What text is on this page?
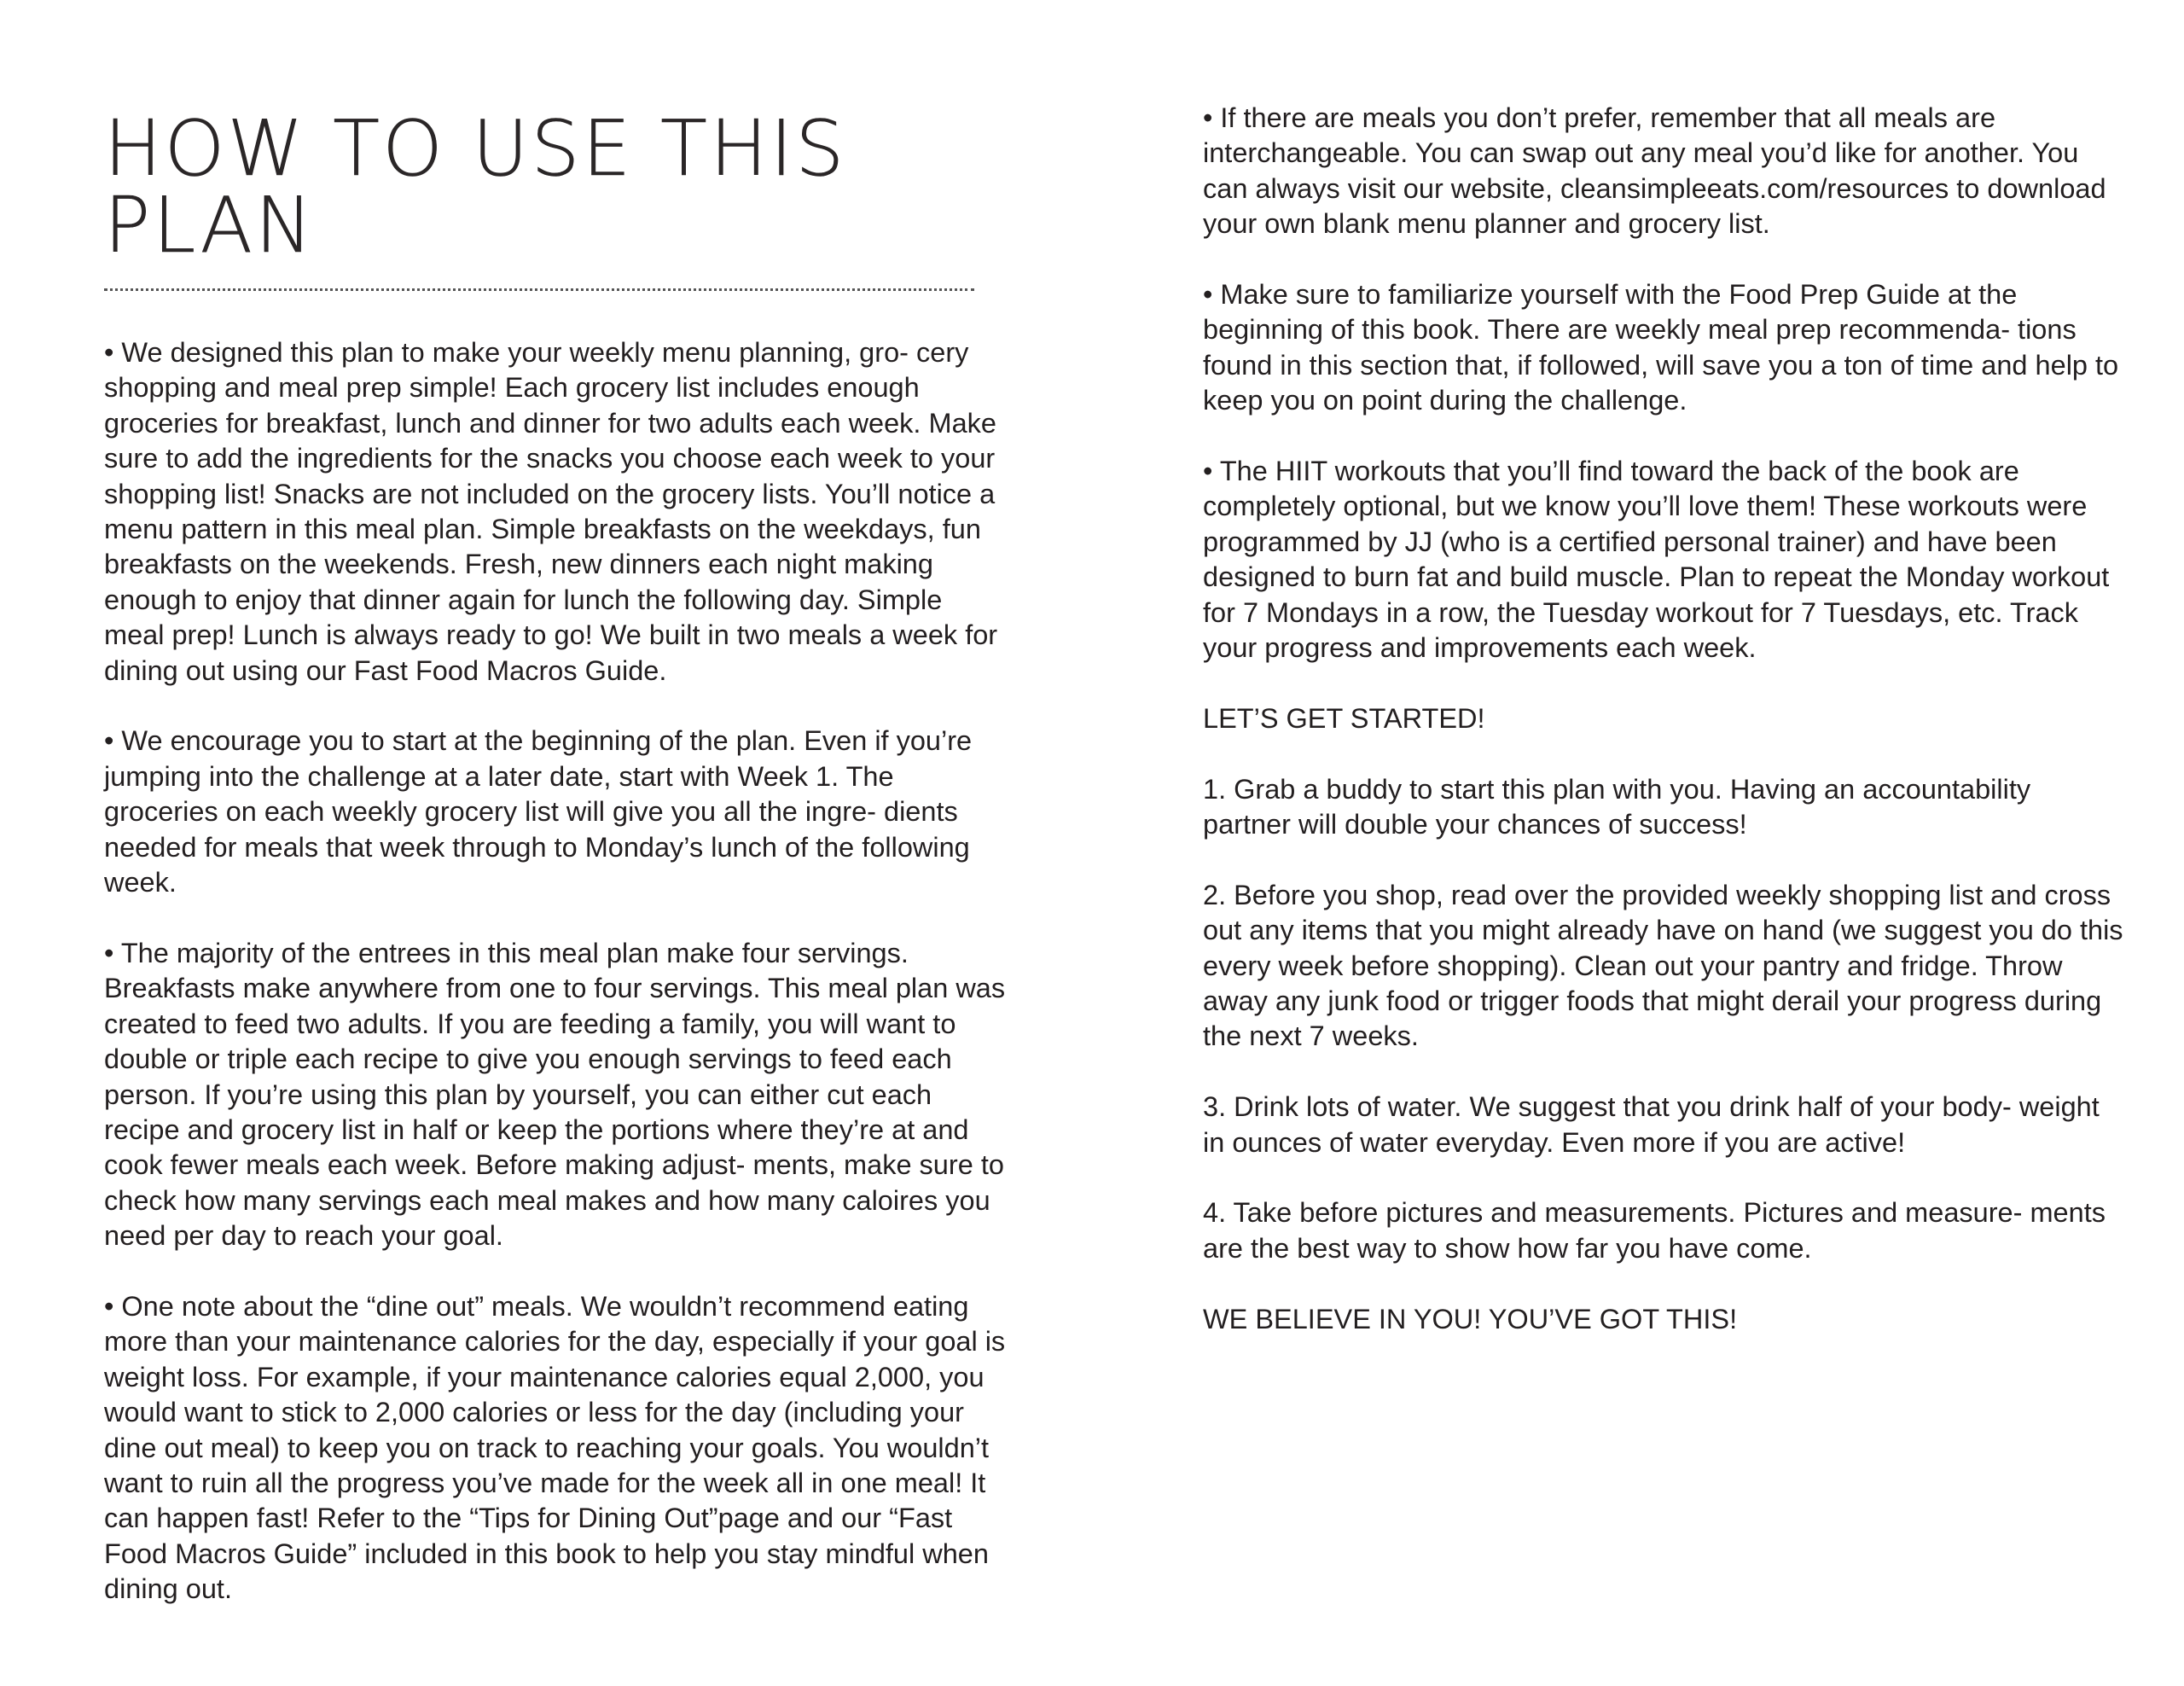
HOW TO USE THIS PLAN

• We designed this plan to make your weekly menu planning, gro- cery shopping and meal prep simple! Each grocery list includes enough groceries for breakfast, lunch and dinner for two adults each week. Make sure to add the ingredients for the snacks you choose each week to your shopping list! Snacks are not included on the grocery lists. You’ll notice a menu pattern in this meal plan. Simple breakfasts on the weekdays, fun breakfasts on the weekends. Fresh, new dinners each night making enough to enjoy that dinner again for lunch the following day. Simple meal prep! Lunch is always ready to go! We built in two meals a week for dining out using our Fast Food Macros Guide.

• We encourage you to start at the beginning of the plan. Even if you’re jumping into the challenge at a later date, start with Week 1. The groceries on each weekly grocery list will give you all the ingre- dients needed for meals that week through to Monday’s lunch of the following week.

• The majority of the entrees in this meal plan make four servings. Breakfasts make anywhere from one to four servings. This meal plan was created to feed two adults. If you are feeding a family, you will want to double or triple each recipe to give you enough servings to feed each person. If you’re using this plan by yourself, you can either cut each recipe and grocery list in half or keep the portions where they’re at and cook fewer meals each week. Before making adjust- ments, make sure to check how many servings each meal makes and how many caloires you need per day to reach your goal.

• One note about the “dine out” meals. We wouldn’t recommend eating more than your maintenance calories for the day, especially if your goal is weight loss. For example, if your maintenance calories equal 2,000, you would want to stick to 2,000 calories or less for the day (including your dine out meal) to keep you on track to reaching your goals. You wouldn’t want to ruin all the progress you’ve made for the week all in one meal! It can happen fast! Refer to the “Tips for Dining Out”page and our “Fast Food Macros Guide” included in this book to help you stay mindful when dining out.

• If there are meals you don’t prefer, remember that all meals are interchangeable. You can swap out any meal you’d like for another. You can always visit our website, cleansimpleeats.com/resources to download your own blank menu planner and grocery list.

• Make sure to familiarize yourself with the Food Prep Guide at the beginning of this book. There are weekly meal prep recommenda- tions found in this section that, if followed, will save you a ton of time and help to keep you on point during the challenge.

• The HIIT workouts that you’ll find toward the back of the book are completely optional, but we know you’ll love them! These workouts were programmed by JJ (who is a certified personal trainer) and have been designed to burn fat and build muscle. Plan to repeat the Monday workout for 7 Mondays in a row, the Tuesday workout for 7 Tuesdays, etc. Track your progress and improvements each week.

LET’S GET STARTED!

1. Grab a buddy to start this plan with you. Having an accountability partner will double your chances of success!

2. Before you shop, read over the provided weekly shopping list and cross out any items that you might already have on hand (we suggest you do this every week before shopping). Clean out your pantry and fridge. Throw away any junk food or trigger foods that might derail your progress during the next 7 weeks.

3. Drink lots of water. We suggest that you drink half of your body- weight in ounces of water everyday. Even more if you are active!

4. Take before pictures and measurements. Pictures and measure- ments are the best way to show how far you have come.

WE BELIEVE IN YOU! YOU’VE GOT THIS!
